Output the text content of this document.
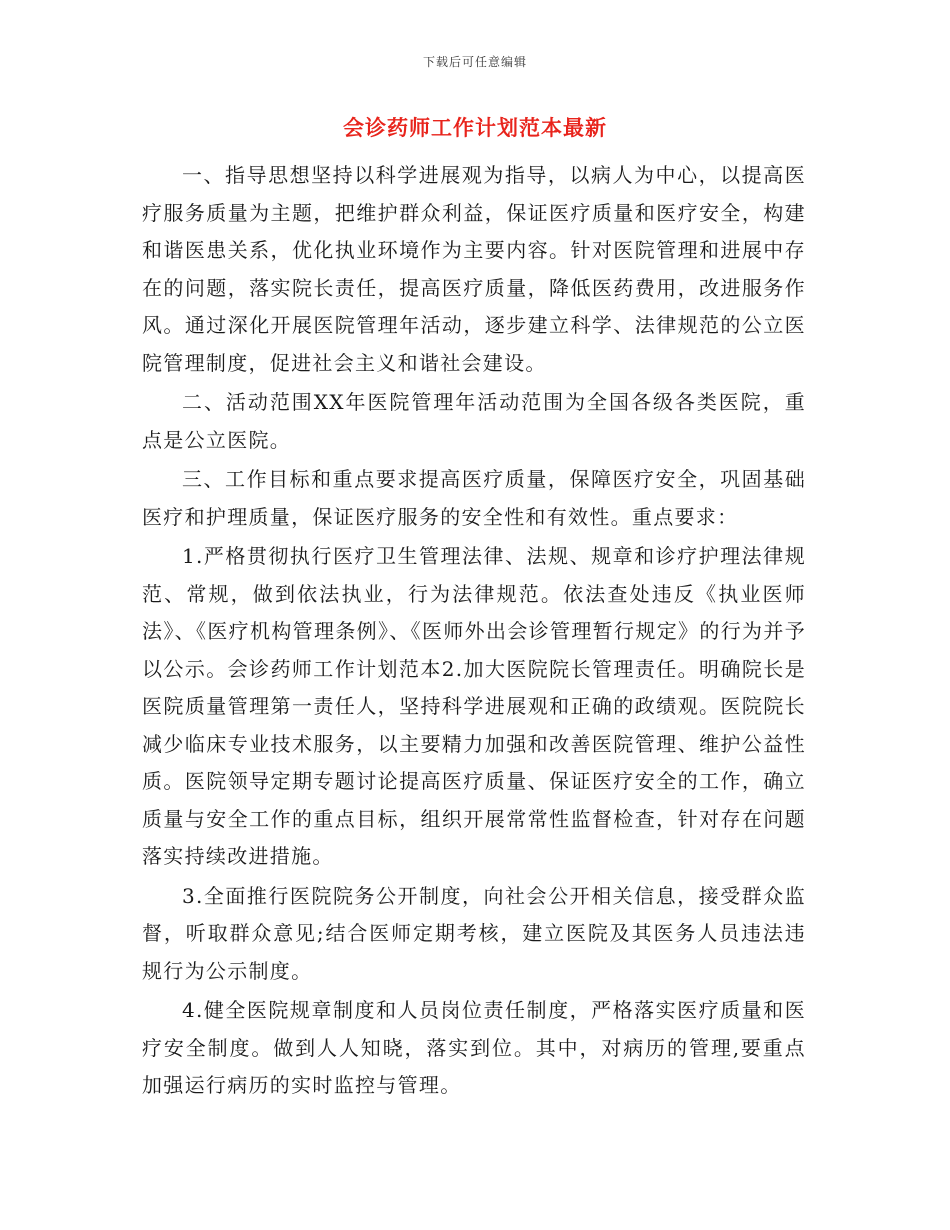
下载后可任意编辑
会诊药师工作计划范本最新

一、指导思想坚持以科学进展观为指导，以病人为中心，以提高医疗服务质量为主题，把维护群众利益，保证医疗质量和医疗安全，构建和谐医患关系，优化执业环境作为主要内容。针对医院管理和进展中存在的问题，落实院长责任，提高医疗质量，降低医药费用，改进服务作风。通过深化开展医院管理年活动，逐步建立科学、法律规范的公立医院管理制度，促进社会主义和谐社会建设。

二、活动范围XX年医院管理年活动范围为全国各级各类医院，重点是公立医院。

三、工作目标和重点要求提高医疗质量，保障医疗安全，巩固基础医疗和护理质量，保证医疗服务的安全性和有效性。重点要求：

1.严格贯彻执行医疗卫生管理法律、法规、规章和诊疗护理法律规范、常规，做到依法执业，行为法律规范。依法查处违反《执业医师法》、《医疗机构管理条例》、《医师外出会诊管理暂行规定》的行为并予以公示。会诊药师工作计划范本2.加大医院院长管理责任。明确院长是医院质量管理第一责任人，坚持科学进展观和正确的政绩观。医院院长减少临床专业技术服务，以主要精力加强和改善医院管理、维护公益性质。医院领导定期专题讨论提高医疗质量、保证医疗安全的工作，确立质量与安全工作的重点目标，组织开展常常性监督检查，针对存在问题落实持续改进措施。

3.全面推行医院院务公开制度，向社会公开相关信息，接受群众监督，听取群众意见;结合医师定期考核，建立医院及其医务人员违法违规行为公示制度。

4.健全医院规章制度和人员岗位责任制度，严格落实医疗质量和医疗安全制度。做到人人知晓，落实到位。其中，对病历的管理,要重点加强运行病历的实时监控与管理。
